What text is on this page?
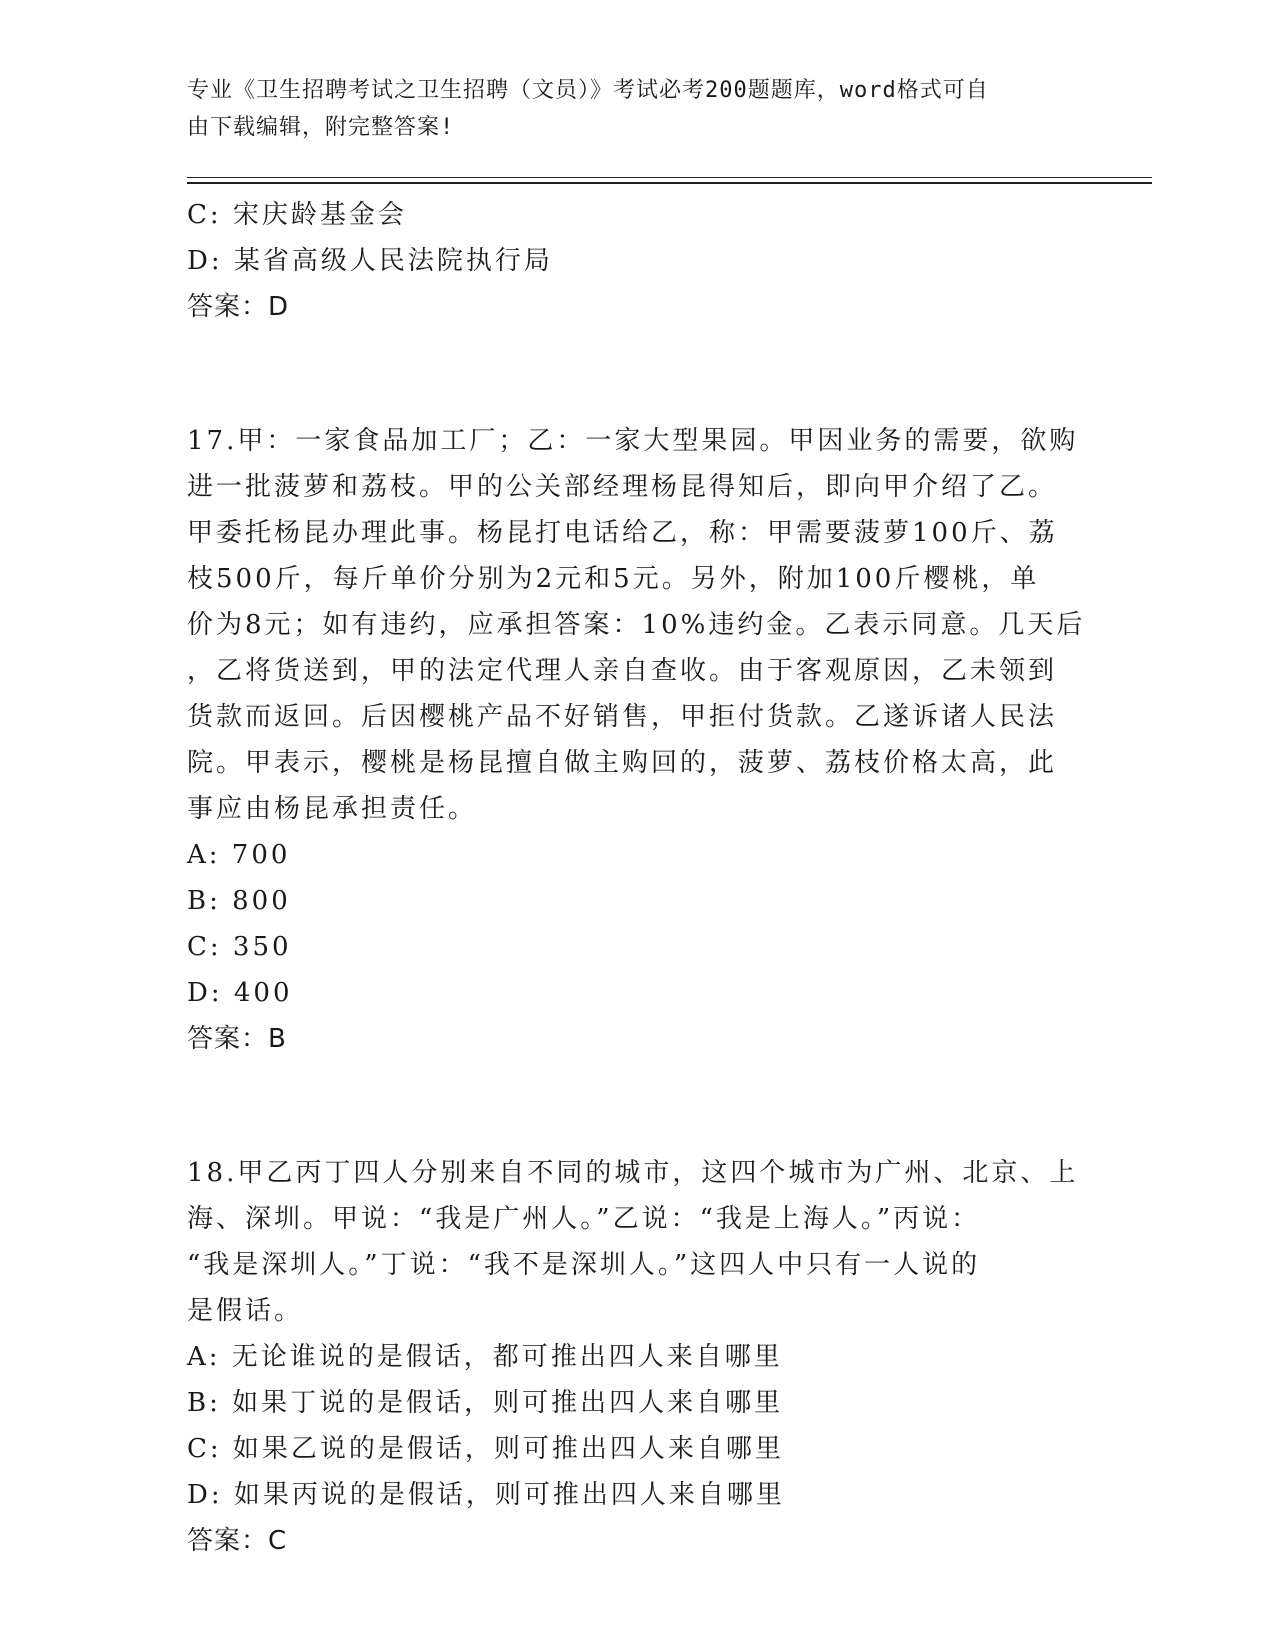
专业《卫生招聘考试之卫生招聘（文员）》考试必考200题题库，word格式可自
由下载编辑，附完整答案!
C: 宋庆龄基金会
D: 某省高级人民法院执行局
答案：D
17.甲：一家食品加工厂；乙：一家大型果园。甲因业务的需要，欲购
进一批菠萝和荔枝。甲的公关部经理杨昆得知后，即向甲介绍了乙。
甲委托杨昆办理此事。杨昆打电话给乙，称：甲需要菠萝100斤、荔
枝500斤，每斤单价分别为2元和5元。另外，附加100斤樱桃，单
价为8元；如有违约，应承担答案：10%违约金。乙表示同意。几天后
，乙将货送到，甲的法定代理人亲自查收。由于客观原因，乙未领到
货款而返回。后因樱桃产品不好销售，甲拒付货款。乙遂诉诸人民法
院。甲表示，樱桃是杨昆擅自做主购回的，菠萝、荔枝价格太高，此
事应由杨昆承担责任。
A: 700
B: 800
C: 350
D: 400
答案：B
18.甲乙丙丁四人分别来自不同的城市，这四个城市为广州、北京、上
海、深圳。甲说：“我是广州人。”乙说：“我是上海人。”丙说：
“我是深圳人。”丁说：“我不是深圳人。”这四人中只有一人说的
是假话。
A: 无论谁说的是假话，都可推出四人来自哪里
B: 如果丁说的是假话，则可推出四人来自哪里
C: 如果乙说的是假话，则可推出四人来自哪里
D: 如果丙说的是假话，则可推出四人来自哪里
答案：C
